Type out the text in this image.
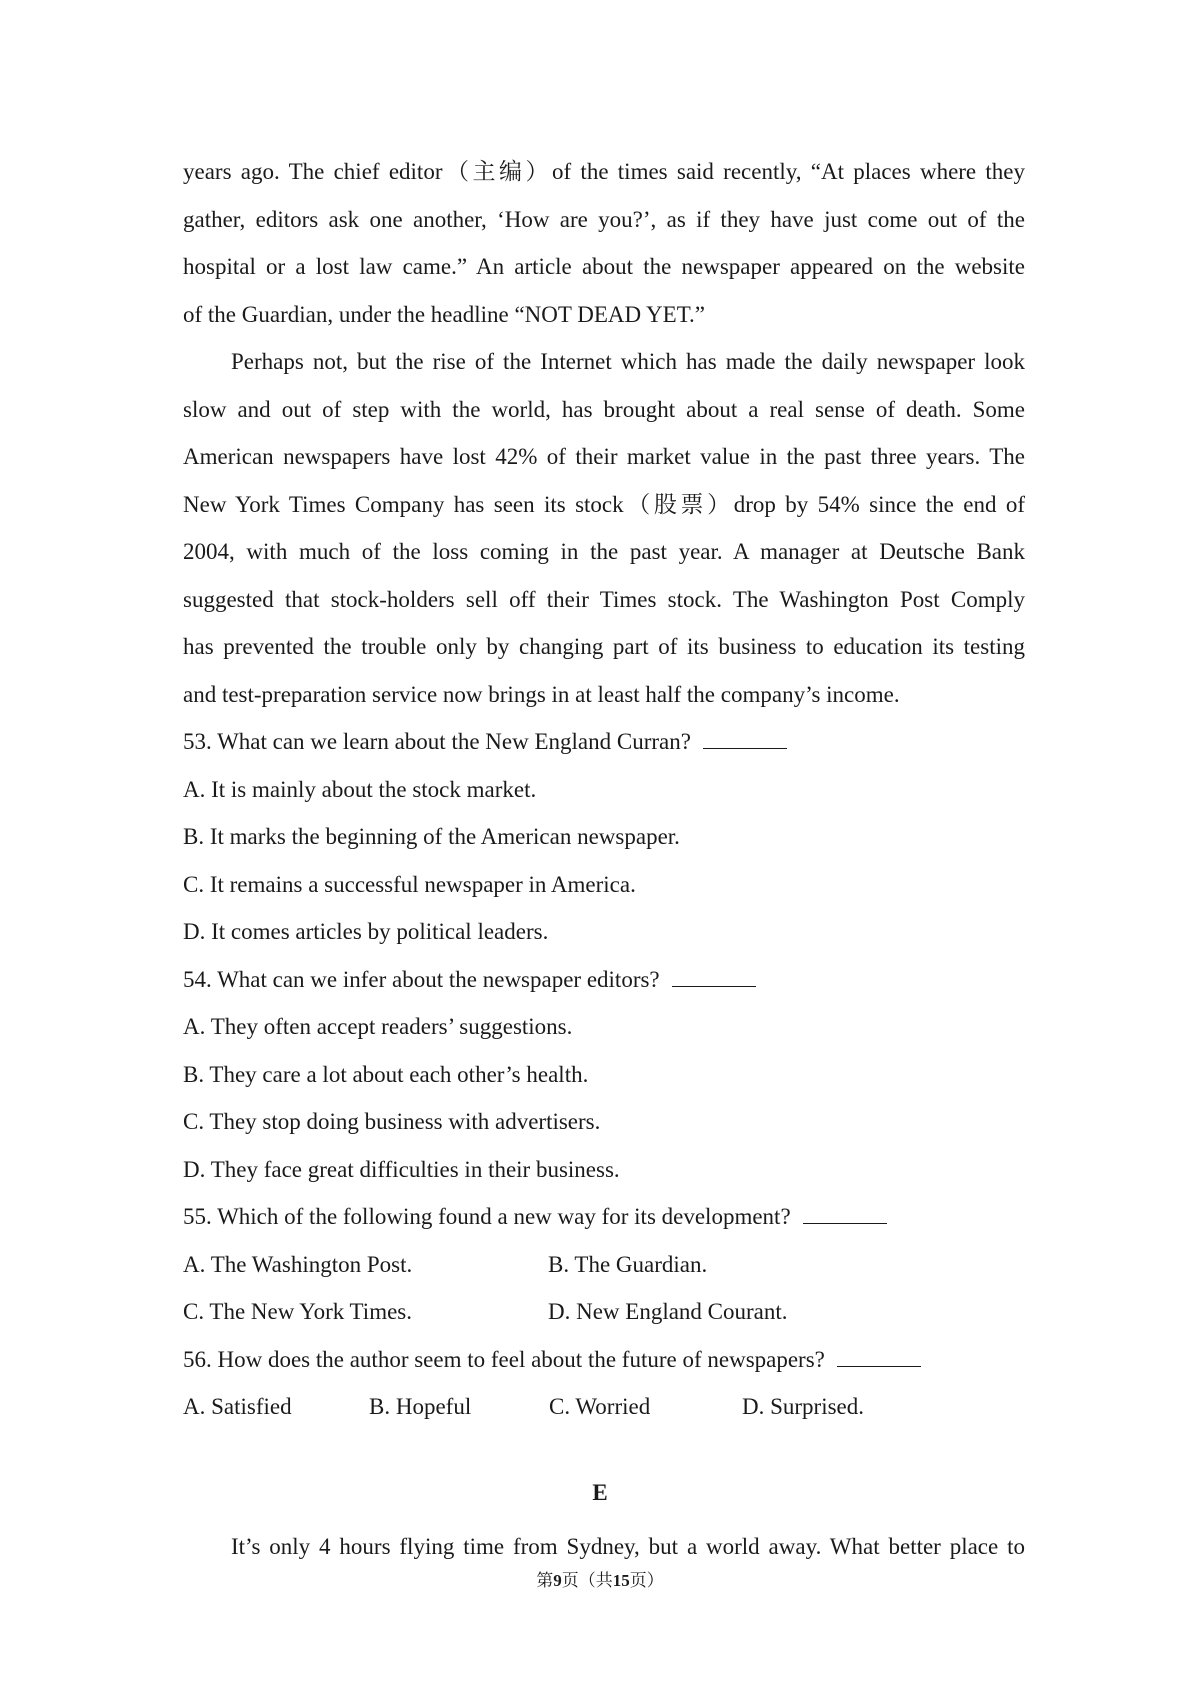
years ago. The chief editor（主编）of the times said recently, “At places where they
gather, editors ask one another, ‘How are you?’, as if they have just come out of the
hospital or a lost law came.” An article about the newspaper appeared on the website
of the Guardian, under the headline “NOT DEAD YET.”
Perhaps not, but the rise of the Internet which has made the daily newspaper look
slow and out of step with the world, has brought about a real sense of death. Some
American newspapers have lost 42% of their market value in the past three years. The
New York Times Company has seen its stock（股票）drop by 54% since the end of
2004, with much of the loss coming in the past year. A manager at Deutsche Bank
suggested that stock-holders sell off their Times stock. The Washington Post Comply
has prevented the trouble only by changing part of its business to education its testing
and test-preparation service now brings in at least half the company’s income.
53. What can we learn about the New England Curran?
A. It is mainly about the stock market.
B. It marks the beginning of the American newspaper.
C. It remains a successful newspaper in America.
D. It comes articles by political leaders.
54. What can we infer about the newspaper editors?
A. They often accept readers’ suggestions.
B. They care a lot about each other’s health.
C. They stop doing business with advertisers.
D. They face great difficulties in their business.
55. Which of the following found a new way for its development?
A. The Washington Post.	B. The Guardian.
C. The New York Times.	D. New England Courant.
56. How does the author seem to feel about the future of newspapers?
A. Satisfied	B. Hopeful	C. Worried	D. Surprised.
E
It’s only 4 hours flying time from Sydney, but a world away. What better place to
第9页（共15页）
